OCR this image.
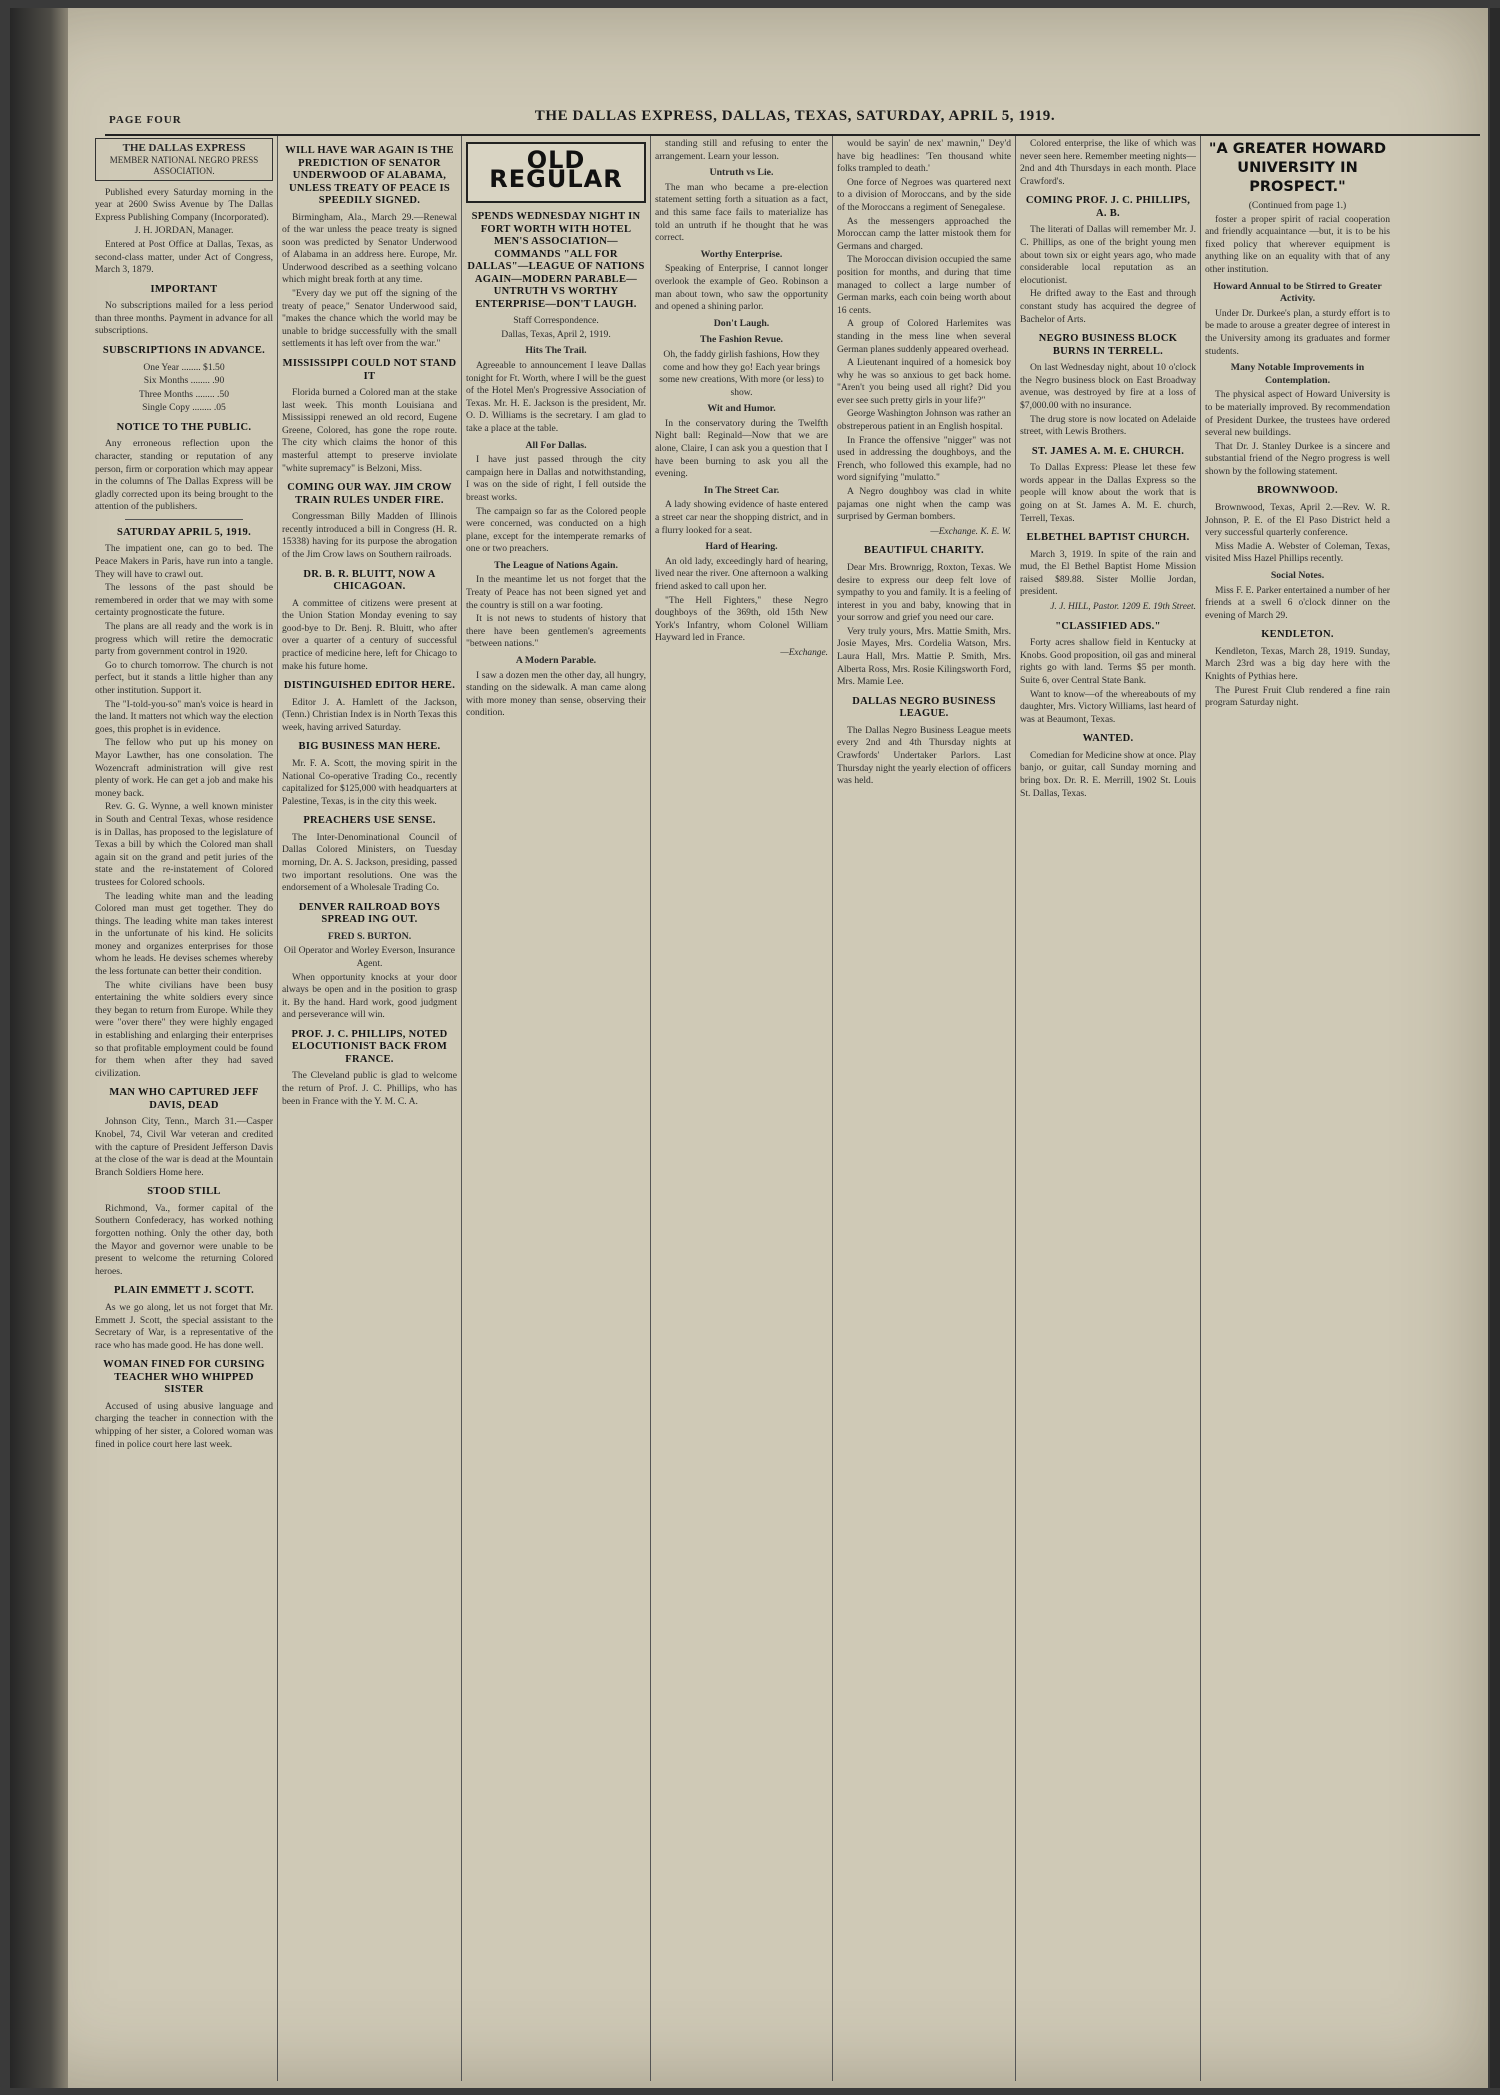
PAGE FOUR	THE DALLAS EXPRESS, DALLAS, TEXAS, SATURDAY, APRIL 5, 1919.
THE DALLAS EXPRESS
MEMBER NATIONAL NEGRO PRESS ASSOCIATION.

Published every Saturday morning in the year at 2600 Swiss Avenue by The Dallas Express Publishing Company (Incorporated).

J. H. JORDAN, Manager.

Entered at Post Office at Dallas, Texas, as second-class matter, under Act of Congress, March 3, 1879.

IMPORTANT

No subscriptions mailed for a less period than three months. Payment in advance for all subscriptions.

SUBSCRIPTIONS IN ADVANCE.

One Year ........ $1.50

Six Months ........ .90

Three Months ........ .50

Single Copy ........ .05

NOTICE TO THE PUBLIC.

Any erroneous reflection upon the character, standing or reputation of any person, firm or corporation which may appear in the columns of The Dallas Express will be gladly corrected upon its being brought to the attention of the publishers.

SATURDAY APRIL 5, 1919.

The impatient one, can go to bed. The Peace Makers in Paris, have run into a tangle. They will have to crawl out.

The lessons of the past should be remembered in order that we may with some certainty prognosticate the future.

The plans are all ready and the work is in progress which will retire the democratic party from government control in 1920.

Go to church tomorrow. The church is not perfect, but it stands a little higher than any other institution. Support it.

The "I-told-you-so" man's voice is heard in the land. It matters not which way the election goes, this prophet is in evidence.

The fellow who put up his money on Mayor Lawther, has one consolation. The Wozencraft administration will give rest plenty of work. He can get a job and make his money back.

Rev. G. G. Wynne, a well known minister in South and Central Texas, whose residence is in Dallas, has proposed to the legislature of Texas a bill by which the Colored man shall again sit on the grand and petit juries of the state and the re-instatement of Colored trustees for Colored schools.

The leading white man and the leading Colored man must get together. They do things. The leading white man takes interest in the unfortunate of his kind. He solicits money and organizes enterprises for those whom he leads. He devises schemes whereby the less fortunate can better their condition.

The white civilians have been busy entertaining the white soldiers every since they began to return from Europe. While they were "over there" they were highly engaged in establishing and enlarging their enterprises so that profitable employment could be found for them when after they had saved civilization.

MAN WHO CAPTURED JEFF DAVIS, DEAD

Johnson City, Tenn., March 31.—Casper Knobel, 74, Civil War veteran and credited with the capture of President Jefferson Davis at the close of the war is dead at the Mountain Branch Soldiers Home here.

STOOD STILL

Richmond, Va., former capital of the Southern Confederacy, has worked nothing forgotten nothing. Only the other day, both the Mayor and governor were unable to be present to welcome the returning Colored heroes.

PLAIN EMMETT J. SCOTT.

As we go along, let us not forget that Mr. Emmett J. Scott, the special assistant to the Secretary of War, is a representative of the race who has made good. He has done well.

WOMAN FINED FOR CURSING TEACHER WHO WHIPPED SISTER

Accused of using abusive language and charging the teacher in connection with the whipping of her sister, a Colored woman was fined in police court here last week.

WILL HAVE WAR AGAIN IS THE PREDICTION OF SENATOR UNDERWOOD OF ALABAMA, UNLESS TREATY OF PEACE IS SPEEDILY SIGNED.

Birmingham, Ala., March 29.—Renewal of the war unless the peace treaty is signed soon was predicted by Senator Underwood of Alabama in an address here. Europe, Mr. Underwood described as a seething volcano which might break forth at any time.

"Every day we put off the signing of the treaty of peace," Senator Underwood said, "makes the chance which the world may be unable to bridge successfully with the small settlements it has left over from the war."

MISSISSIPPI COULD NOT STAND IT

Florida burned a Colored man at the stake last week. This month Louisiana and Mississippi renewed an old record, Eugene Greene, Colored, has gone the rope route. The city which claims the honor of this masterful attempt to preserve inviolate "white supremacy" is Belzoni, Miss.

COMING OUR WAY. JIM CROW TRAIN RULES UNDER FIRE.

Congressman Billy Madden of Illinois recently introduced a bill in Congress (H. R. 15338) having for its purpose the abrogation of the Jim Crow laws on Southern railroads.

DR. B. R. BLUITT, NOW A CHICAGOAN.

A committee of citizens were present at the Union Station Monday evening to say good-bye to Dr. Benj. R. Bluitt, who after over a quarter of a century of successful practice of medicine here, left for Chicago to make his future home.

DISTINGUISHED EDITOR HERE.

Editor J. A. Hamlett of the Jackson, (Tenn.) Christian Index is in North Texas this week, having arrived Saturday.

BIG BUSINESS MAN HERE.

Mr. F. A. Scott, the moving spirit in the National Co-operative Trading Co., recently capitalized for $125,000 with headquarters at Palestine, Texas, is in the city this week.

PREACHERS USE SENSE.

The Inter-Denominational Council of Dallas Colored Ministers, on Tuesday morning, Dr. A. S. Jackson, presiding, passed two important resolutions. One was the endorsement of a Wholesale Trading Co.

DENVER RAILROAD BOYS SPREAD ING OUT.
FRED S. BURTON.

Oil Operator and Worley Everson, Insurance Agent.

When opportunity knocks at your door always be open and in the position to grasp it. By the hand. Hard work, good judgment and perseverance will win.

PROF. J. C. PHILLIPS, NOTED ELOCUTIONIST BACK FROM FRANCE.

The Cleveland public is glad to welcome the return of Prof. J. C. Phillips, who has been in France with the Y. M. C. A.

OLD REGULAR
SPENDS WEDNESDAY NIGHT IN FORT WORTH WITH HOTEL MEN'S ASSOCIATION—COMMANDS "ALL FOR DALLAS"—LEAGUE OF NATIONS AGAIN—MODERN PARABLE—UNTRUTH VS WORTHY ENTERPRISE—DON'T LAUGH.

Staff Correspondence.

Dallas, Texas, April 2, 1919.

Hits The Trail.

Agreeable to announcement I leave Dallas tonight for Ft. Worth, where I will be the guest of the Hotel Men's Progressive Association of Texas. Mr. H. E. Jackson is the president, Mr. O. D. Williams is the secretary. I am glad to take a place at the table.

All For Dallas.

I have just passed through the city campaign here in Dallas and notwithstanding, I was on the side of right, I fell outside the breast works.

The campaign so far as the Colored people were concerned, was conducted on a high plane, except for the intemperate remarks of one or two preachers.

The League of Nations Again.

In the meantime let us not forget that the Treaty of Peace has not been signed yet and the country is still on a war footing.

It is not news to students of history that there have been gentlemen's agreements "between nations."

A Modern Parable.

I saw a dozen men the other day, all hungry, standing on the sidewalk. A man came along with more money than sense, observing their condition.

standing still and refusing to enter the arrangement. Learn your lesson.

Untruth vs Lie.

The man who became a pre-election statement setting forth a situation as a fact, and this same face fails to materialize has told an untruth if he thought that he was correct.

Worthy Enterprise.

Speaking of Enterprise, I cannot longer overlook the example of Geo. Robinson a man about town, who saw the opportunity and opened a shining parlor.

Don't Laugh.
The Fashion Revue.

Oh, the faddy girlish fashions, How they come and how they go! Each year brings some new creations, With more (or less) to show.

Wit and Humor.

In the conservatory during the Twelfth Night ball: Reginald—Now that we are alone, Claire, I can ask you a question that I have been burning to ask you all the evening.

In The Street Car.

A lady showing evidence of haste entered a street car near the shopping district, and in a flurry looked for a seat.

Hard of Hearing.

An old lady, exceedingly hard of hearing, lived near the river. One afternoon a walking friend asked to call upon her.

"The Hell Fighters," these Negro doughboys of the 369th, old 15th New York's Infantry, whom Colonel William Hayward led in France.

—Exchange.

would be sayin' de nex' mawnin," Dey'd have big headlines: 'Ten thousand white folks trampled to death.'

One force of Negroes was quartered next to a division of Moroccans, and by the side of the Moroccans a regiment of Senegalese.

As the messengers approached the Moroccan camp the latter mistook them for Germans and charged.

The Moroccan division occupied the same position for months, and during that time managed to collect a large number of German marks, each coin being worth about 16 cents.

A group of Colored Harlemites was standing in the mess line when several German planes suddenly appeared overhead.

A Lieutenant inquired of a homesick boy why he was so anxious to get back home. "Aren't you being used all right? Did you ever see such pretty girls in your life?"

George Washington Johnson was rather an obstreperous patient in an English hospital.

In France the offensive "nigger" was not used in addressing the doughboys, and the French, who followed this example, had no word signifying "mulatto."

A Negro doughboy was clad in white pajamas one night when the camp was surprised by German bombers.

—Exchange. K. E. W.
BEAUTIFUL CHARITY.

Dear Mrs. Brownrigg, Roxton, Texas. We desire to express our deep felt love of sympathy to you and family. It is a feeling of interest in you and baby, knowing that in your sorrow and grief you need our care.

Very truly yours, Mrs. Mattie Smith, Mrs. Josie Mayes, Mrs. Cordelia Watson, Mrs. Laura Hall, Mrs. Mattie P. Smith, Mrs. Alberta Ross, Mrs. Rosie Kilingsworth Ford, Mrs. Mamie Lee.

DALLAS NEGRO BUSINESS LEAGUE.

The Dallas Negro Business League meets every 2nd and 4th Thursday nights at Crawfords' Undertaker Parlors. Last Thursday night the yearly election of officers was held.

Colored enterprise, the like of which was never seen here. Remember meeting nights—2nd and 4th Thursdays in each month. Place Crawford's.

COMING PROF. J. C. PHILLIPS, A. B.

The literati of Dallas will remember Mr. J. C. Phillips, as one of the bright young men about town six or eight years ago, who made considerable local reputation as an elocutionist.

He drifted away to the East and through constant study has acquired the degree of Bachelor of Arts.

NEGRO BUSINESS BLOCK BURNS IN TERRELL.

On last Wednesday night, about 10 o'clock the Negro business block on East Broadway avenue, was destroyed by fire at a loss of $7,000.00 with no insurance.

The drug store is now located on Adelaide street, with Lewis Brothers.

ST. JAMES A. M. E. CHURCH.

To Dallas Express: Please let these few words appear in the Dallas Express so the people will know about the work that is going on at St. James A. M. E. church, Terrell, Texas.

ELBETHEL BAPTIST CHURCH.

March 3, 1919. In spite of the rain and mud, the El Bethel Baptist Home Mission raised $89.88. Sister Mollie Jordan, president.

J. J. HILL, Pastor. 1209 E. 19th Street.
"CLASSIFIED ADS."

Forty acres shallow field in Kentucky at Knobs. Good proposition, oil gas and mineral rights go with land. Terms $5 per month. Suite 6, over Central State Bank.

Want to know—of the whereabouts of my daughter, Mrs. Victory Williams, last heard of was at Beaumont, Texas.

WANTED.

Comedian for Medicine show at once. Play banjo, or guitar, call Sunday morning and bring box. Dr. R. E. Merrill, 1902 St. Louis St. Dallas, Texas.

"A GREATER HOWARD UNIVERSITY IN PROSPECT."

(Continued from page 1.)

foster a proper spirit of racial cooperation and friendly acquaintance —but, it is to be his fixed policy that wherever equipment is anything like on an equality with that of any other institution.

Howard Annual to be Stirred to Greater Activity.

Under Dr. Durkee's plan, a sturdy effort is to be made to arouse a greater degree of interest in the University among its graduates and former students.

Many Notable Improvements in Contemplation.

The physical aspect of Howard University is to be materially improved. By recommendation of President Durkee, the trustees have ordered several new buildings.

That Dr. J. Stanley Durkee is a sincere and substantial friend of the Negro progress is well shown by the following statement.

BROWNWOOD.

Brownwood, Texas, April 2.—Rev. W. R. Johnson, P. E. of the El Paso District held a very successful quarterly conference.

Miss Madie A. Webster of Coleman, Texas, visited Miss Hazel Phillips recently.

Social Notes.

Miss F. E. Parker entertained a number of her friends at a swell 6 o'clock dinner on the evening of March 29.

KENDLETON.

Kendleton, Texas, March 28, 1919. Sunday, March 23rd was a big day here with the Knights of Pythias here.

The Purest Fruit Club rendered a fine rain program Saturday night.
